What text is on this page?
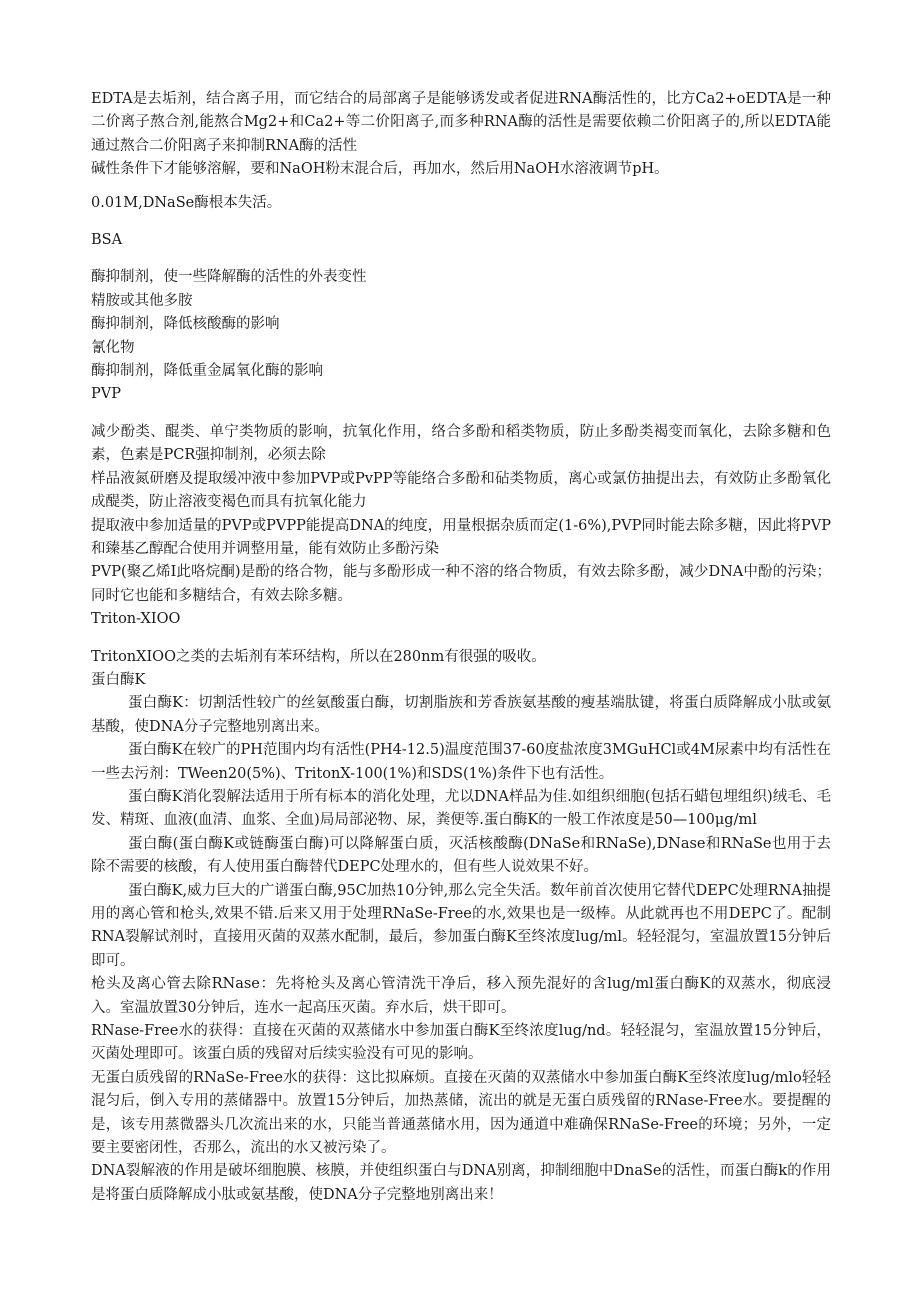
EDTA是去垢剂，结合离子用，而它结合的局部离子是能够诱发或者促进RNA酶活性的，比方Ca2+oEDTA是一种二价离子熬合剂,能熬合Mg2+和Ca2+等二价阳离子,而多种RNA酶的活性是需要依赖二价阳离子的,所以EDTA能通过熬合二价阳离子来抑制RNA酶的活性

碱性条件下才能够溶解，要和NaOH粉末混合后，再加水，然后用NaOH水溶液调节pH。

0.01M,DNaSe酶根本失活。

BSA

酶抑制剂，使一些降解酶的活性的外表变性

精胺或其他多胺

酶抑制剂，降低核酸酶的影响

氰化物

酶抑制剂，降低重金属氧化酶的影响

PVP

减少酚类、醌类、单宁类物质的影响，抗氧化作用，络合多酚和稻类物质，防止多酚类褐变而氧化，去除多糖和色素，色素是PCR强抑制剂，必须去除

样品液氮研磨及提取缓冲液中参加PVP或PvPP等能络合多酚和砧类物质，离心或氯仿抽提出去，有效防止多酚氧化成醍类，防止溶液变褐色而具有抗氧化能力

提取液中参加适量的PVP或PVPP能提高DNA的纯度，用量根据杂质而定(1-6%),PVP同时能去除多糖，因此将PVP和臻基乙醇配合使用并调整用量，能有效防止多酚污染

PVP(聚乙烯I此咯烷酮)是酚的络合物，能与多酚形成一种不溶的络合物质，有效去除多酚，减少DNA中酚的污染；同时它也能和多糖结合，有效去除多糖。

Triton-XIOO

TritonXIOO之类的去垢剂有苯环结构，所以在280nm有很强的吸收。

蛋白酶K

蛋白酶K：切割活性较广的丝氨酸蛋白酶，切割脂族和芳香族氨基酸的瘦基端肽键，将蛋白质降解成小肽或氨基酸，使DNA分子完整地别离出来。

蛋白酶K在较广的PH范围内均有活性(PH4-12.5)温度范围37-60度盐浓度3MGuHCl或4M尿素中均有活性在一些去污剂：TWeen20(5%)、TritonX-100(1%)和SDS(1%)条件下也有活性。

蛋白酶K消化裂解法适用于所有标本的消化处理，尤以DNA样品为佳.如组织细胞(包括石蜡包埋组织)绒毛、毛发、精斑、血液(血清、血浆、全血)局局部泌物、尿，粪便等.蛋白酶K的一般工作浓度是50—100μg/ml

蛋白酶(蛋白酶K或链酶蛋白酶)可以降解蛋白质，灭活核酸酶(DNaSe和RNaSe),DNase和RNaSe也用于去除不需要的核酸，有人使用蛋白酶替代DEPC处理水的，但有些人说效果不好。

蛋白酶K,威力巨大的广谱蛋白酶,95C加热10分钟,那么完全失活。数年前首次使用它替代DEPC处理RNA抽提用的离心管和枪头,效果不错.后来又用于处理RNaSe-Free的水,效果也是一级棒。从此就再也不用DEPC了。配制RNA裂解试剂时，直接用灭菌的双蒸水配制，最后，参加蛋白酶K至终浓度lug/ml。轻轻混匀，室温放置15分钟后即可。

枪头及离心管去除RNase：先将枪头及离心管清洗干净后，移入预先混好的含lug∕ml蛋白酶K的双蒸水，彻底浸入。室温放置30分钟后，连水一起高压灭菌。弃水后，烘干即可。

RNase-Free水的获得：直接在灭菌的双蒸储水中参加蛋白酶K至终浓度lug/nd。轻轻混匀，室温放置15分钟后，灭菌处理即可。该蛋白质的残留对后续实验没有可见的影响。

无蛋白质残留的RNaSe-Free水的获得：这比拟麻烦。直接在灭菌的双蒸储水中参加蛋白酶K至终浓度lug∕mlo轻轻混匀后，倒入专用的蒸储器中。放置15分钟后，加热蒸储，流出的就是无蛋白质残留的RNase-Free水。要提醒的是，该专用蒸微器头几次流出来的水，只能当普通蒸储水用，因为通道中难确保RNaSe-Free的环境；另外，一定要主要密闭性，否那么，流出的水又被污染了。

DNA裂解液的作用是破坏细胞膜、核膜，并使组织蛋白与DNA别离，抑制细胞中DnaSe的活性，而蛋白酶k的作用是将蛋白质降解成小肽或氨基酸，使DNA分子完整地别离出来！
